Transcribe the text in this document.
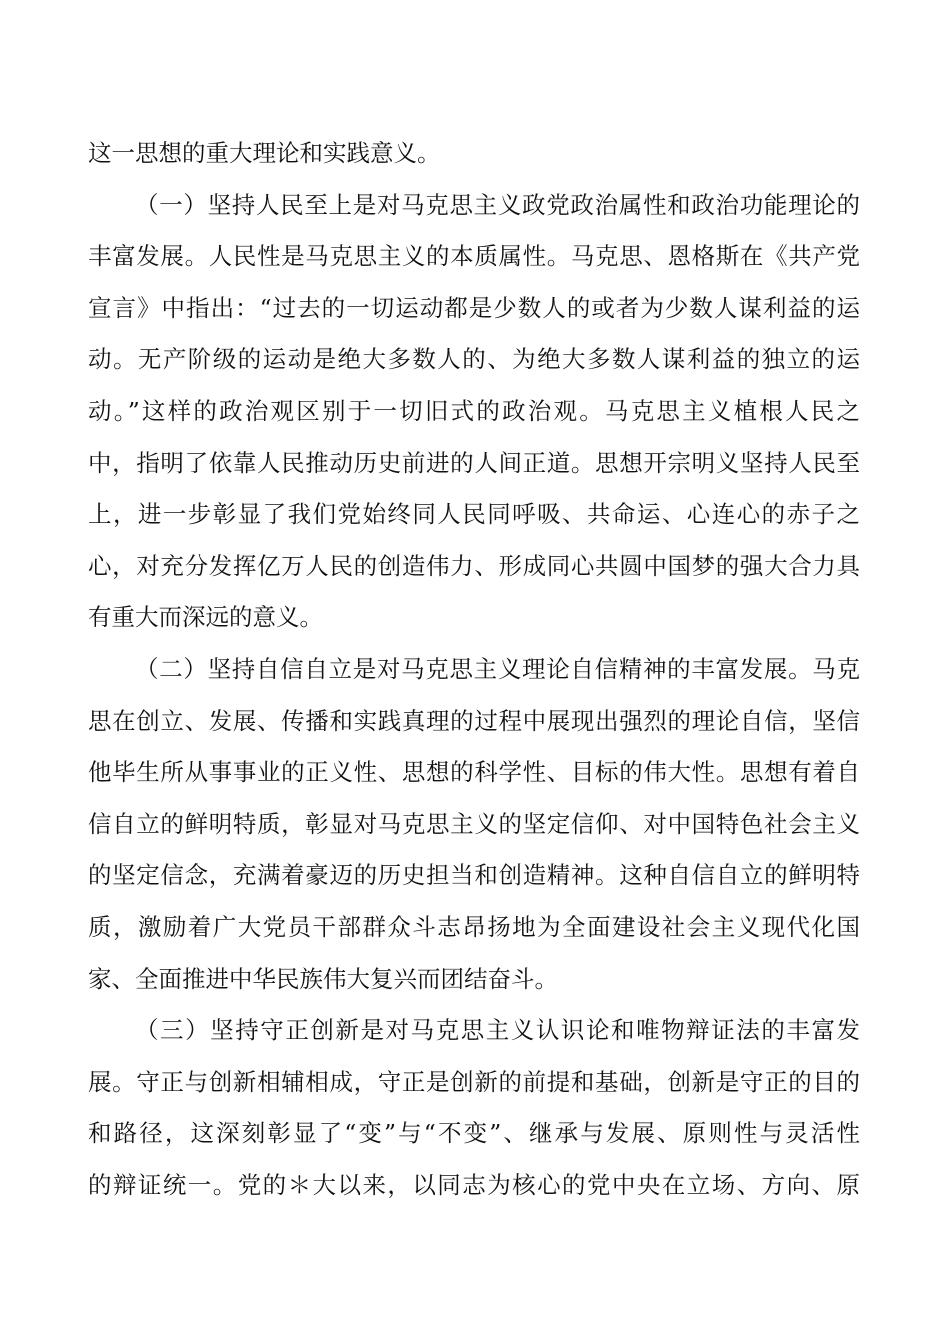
这一思想的重大理论和实践意义。
（一）坚持人民至上是对马克思主义政党政治属性和政治功能理论的
丰富发展。人民性是马克思主义的本质属性。马克思、恩格斯在《共产党
宣言》中指出：“过去的一切运动都是少数人的或者为少数人谋利益的运
动。无产阶级的运动是绝大多数人的、为绝大多数人谋利益的独立的运
动。”这样的政治观区别于一切旧式的政治观。马克思主义植根人民之
中，指明了依靠人民推动历史前进的人间正道。思想开宗明义坚持人民至
上，进一步彰显了我们党始终同人民同呼吸、共命运、心连心的赤子之
心，对充分发挥亿万人民的创造伟力、形成同心共圆中国梦的强大合力具
有重大而深远的意义。
（二）坚持自信自立是对马克思主义理论自信精神的丰富发展。马克
思在创立、发展、传播和实践真理的过程中展现出强烈的理论自信，坚信
他毕生所从事事业的正义性、思想的科学性、目标的伟大性。思想有着自
信自立的鲜明特质，彰显对马克思主义的坚定信仰、对中国特色社会主义
的坚定信念，充满着豪迈的历史担当和创造精神。这种自信自立的鲜明特
质，激励着广大党员干部群众斗志昂扬地为全面建设社会主义现代化国
家、全面推进中华民族伟大复兴而团结奋斗。
（三）坚持守正创新是对马克思主义认识论和唯物辩证法的丰富发
展。守正与创新相辅相成，守正是创新的前提和基础，创新是守正的目的
和路径，这深刻彰显了“变”与“不变”、继承与发展、原则性与灵活性
的辩证统一。党的＊大以来，以同志为核心的党中央在立场、方向、原
